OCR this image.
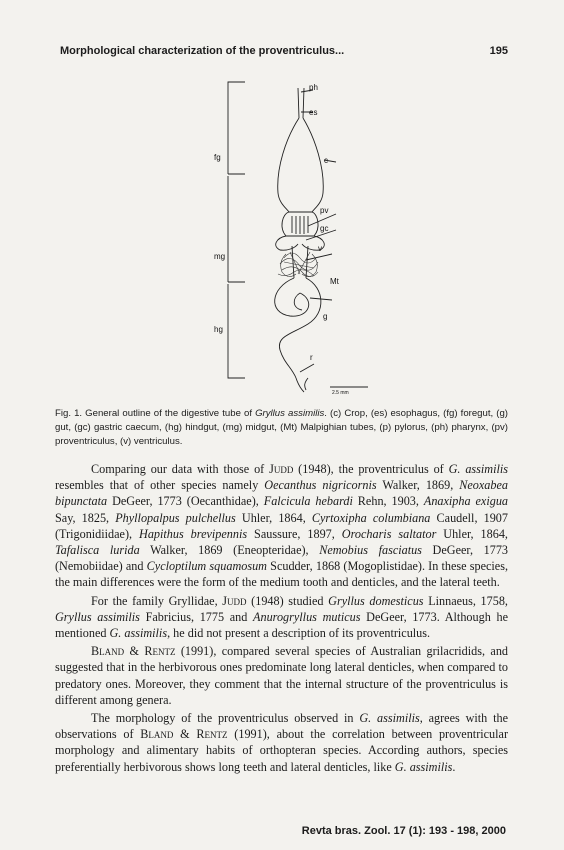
Morphological characterization of the proventriculus...	195
ph
es
fg	c
pv
gc
v
mg
Mt
g
hg
r
2.5 mm
Fig. 1. General outline of the digestive tube of Gryllus assimilis. (c) Crop, (es) esophagus, (fg) foregut, (g) gut, (gc) gastric caecum, (hg) hindgut, (mg) midgut, (Mt) Malpighian tubes, (p) pylorus, (ph) pharynx, (pv) proventriculus, (v) ventriculus.

Comparing our data with those of Judd (1948), the proventriculus of G. assimilis resembles that of other species namely Oecanthus nigricornis Walker, 1869, Neoxabea bipunctata DeGeer, 1773 (Oecanthidae), Falcicula hebardi Rehn, 1903, Anaxipha exigua Say, 1825, Phyllopalpus pulchellus Uhler, 1864, Cyrtoxipha columbiana Caudell, 1907 (Trigonidiidae), Hapithus brevipennis Saussure, 1897, Orocharis saltator Uhler, 1864, Tafalisca lurida Walker, 1869 (Eneopteridae), Nemobius fasciatus DeGeer, 1773 (Nemobiidae) and Cycloptilum squamosum Scudder, 1868 (Mogoplistidae). In these species, the main differences were the form of the medium tooth and denticles, and the lateral teeth.

For the family Gryllidae, Judd (1948) studied Gryllus domesticus Linnaeus, 1758, Gryllus assimilis Fabricius, 1775 and Anurogryllus muticus DeGeer, 1773. Although he mentioned G. assimilis, he did not present a description of its proventriculus.

Bland & Rentz (1991), compared several species of Australian grilacridids, and suggested that in the herbivorous ones predominate long lateral denticles, when compared to predatory ones. Moreover, they comment that the internal structure of the proventriculus is different among genera.

The morphology of the proventriculus observed in G. assimilis, agrees with the observations of Bland & Rentz (1991), about the correlation between proventricular morphology and alimentary habits of orthopteran species. According authors, species preferentially herbivorous shows long teeth and lateral denticles, like G. assimilis.

Revta bras. Zool. 17 (1): 193 - 198, 2000
